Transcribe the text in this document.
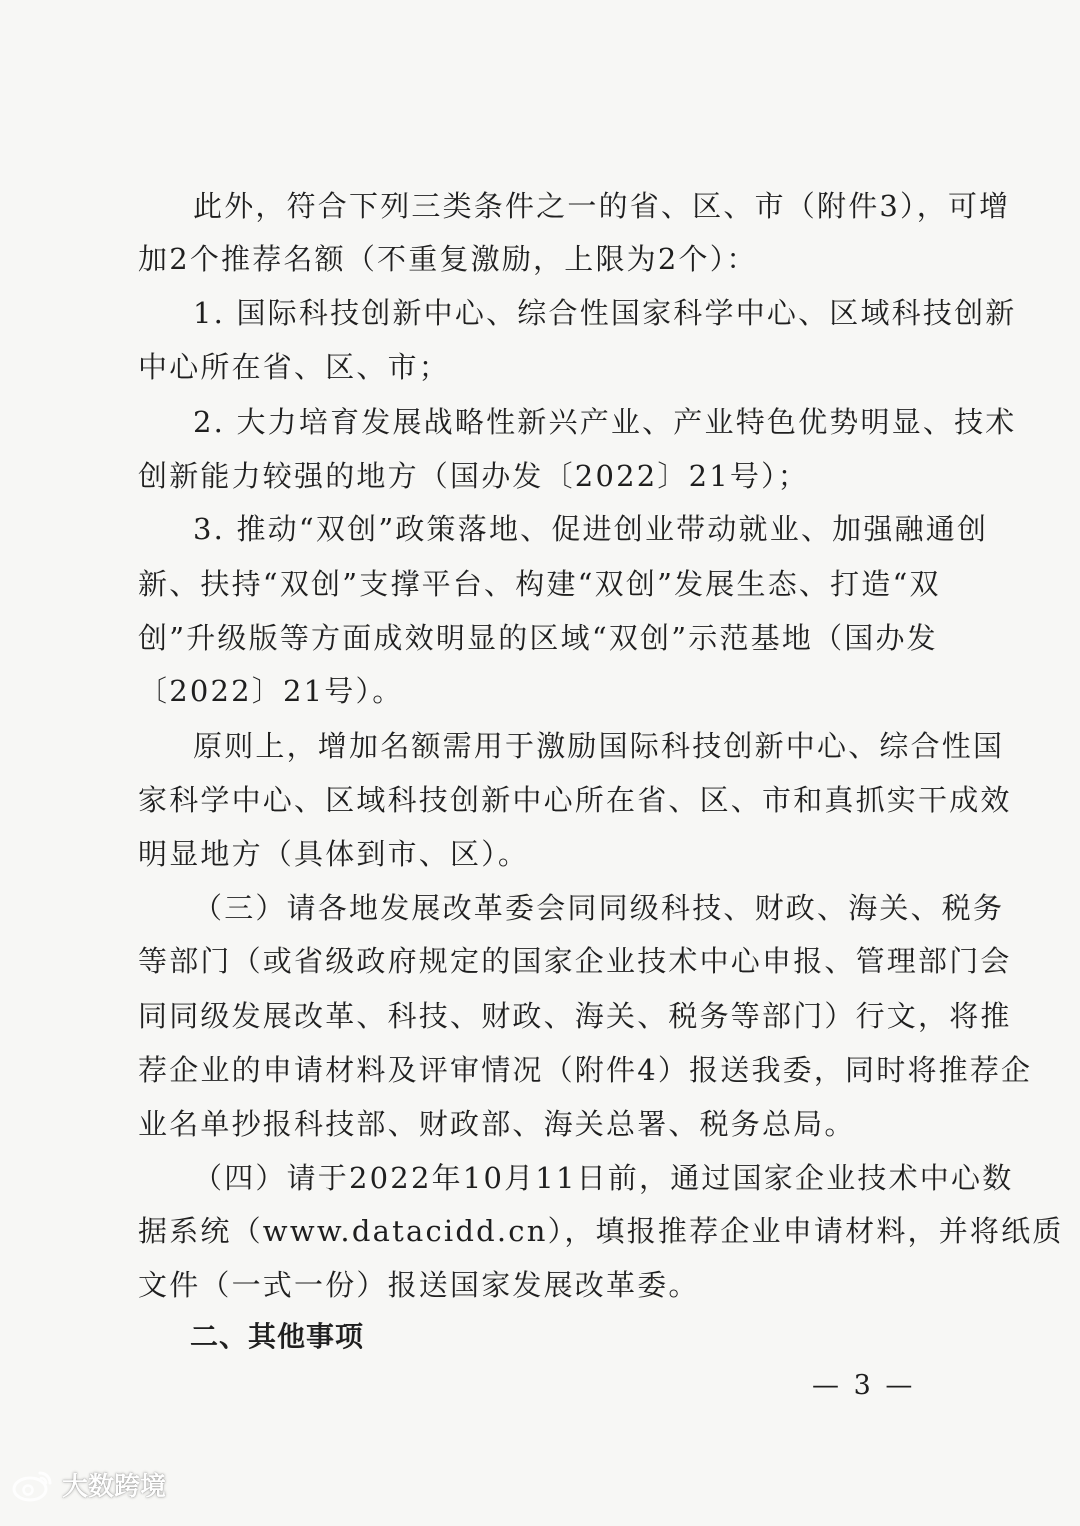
此外，符合下列三类条件之一的省、区、市（附件3），可增
加2个推荐名额（不重复激励，上限为2个）：
1. 国际科技创新中心、综合性国家科学中心、区域科技创新
中心所在省、区、市；
2. 大力培育发展战略性新兴产业、产业特色优势明显、技术
创新能力较强的地方（国办发〔2022〕21号）；
3. 推动“双创”政策落地、促进创业带动就业、加强融通创
新、扶持“双创”支撑平台、构建“双创”发展生态、打造“双
创”升级版等方面成效明显的区域“双创”示范基地（国办发
〔2022〕21号）。
原则上，增加名额需用于激励国际科技创新中心、综合性国
家科学中心、区域科技创新中心所在省、区、市和真抓实干成效
明显地方（具体到市、区）。
（三）请各地发展改革委会同同级科技、财政、海关、税务
等部门（或省级政府规定的国家企业技术中心申报、管理部门会
同同级发展改革、科技、财政、海关、税务等部门）行文，将推
荐企业的申请材料及评审情况（附件4）报送我委，同时将推荐企
业名单抄报科技部、财政部、海关总署、税务总局。
（四）请于2022年10月11日前，通过国家企业技术中心数
据系统（www.datacidd.cn），填报推荐企业申请材料，并将纸质
文件（一式一份）报送国家发展改革委。
二、其他事项
— 3 —
大数跨境
